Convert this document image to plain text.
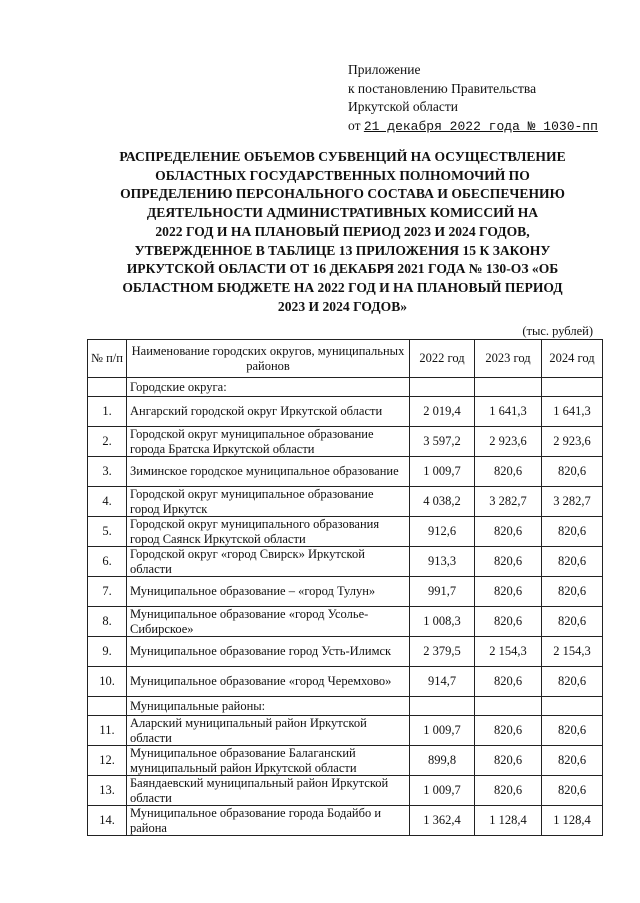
Приложение
к постановлению Правительства
Иркутской области
от 21 декабря 2022 года № 1030-пп
РАСПРЕДЕЛЕНИЕ ОБЪЕМОВ СУБВЕНЦИЙ НА ОСУЩЕСТВЛЕНИЕ
ОБЛАСТНЫХ ГОСУДАРСТВЕННЫХ ПОЛНОМОЧИЙ ПО
ОПРЕДЕЛЕНИЮ ПЕРСОНАЛЬНОГО СОСТАВА И ОБЕСПЕЧЕНИЮ
ДЕЯТЕЛЬНОСТИ АДМИНИСТРАТИВНЫХ КОМИССИЙ НА
2022 ГОД И НА ПЛАНОВЫЙ ПЕРИОД 2023 И 2024 ГОДОВ,
УТВЕРЖДЕННОЕ В ТАБЛИЦЕ 13 ПРИЛОЖЕНИЯ 15 К ЗАКОНУ
ИРКУТСКОЙ ОБЛАСТИ ОТ 16 ДЕКАБРЯ 2021 ГОДА № 130-ОЗ «ОБ
ОБЛАСТНОМ БЮДЖЕТЕ НА 2022 ГОД И НА ПЛАНОВЫЙ ПЕРИОД
2023 И 2024 ГОДОВ»
(тыс. рублей)
№ п/п	Наименование городских округов, муниципальных районов	2022 год	2023 год	2024 год
	Городские округа:			
1.	Ангарский городской округ Иркутской области	2 019,4	1 641,3	1 641,3
2.	Городской округ муниципальное образование города Братска Иркутской области	3 597,2	2 923,6	2 923,6
3.	Зиминское городское муниципальное образование	1 009,7	820,6	820,6
4.	Городской округ муниципальное образование город Иркутск	4 038,2	3 282,7	3 282,7
5.	Городской округ муниципального образования город Саянск Иркутской области	912,6	820,6	820,6
6.	Городской округ «город Свирск» Иркутской области	913,3	820,6	820,6
7.	Муниципальное образование – «город Тулун»	991,7	820,6	820,6
8.	Муниципальное образование «город Усолье-Сибирское»	1 008,3	820,6	820,6
9.	Муниципальное образование город Усть-Илимск	2 379,5	2 154,3	2 154,3
10.	Муниципальное образование «город Черемхово»	914,7	820,6	820,6
	Муниципальные районы:			
11.	Аларский муниципальный район Иркутской области	1 009,7	820,6	820,6
12.	Муниципальное образование Балаганский муниципальный район Иркутской области	899,8	820,6	820,6
13.	Баяндаевский муниципальный район Иркутской области	1 009,7	820,6	820,6
14.	Муниципальное образование города Бодайбо и района	1 362,4	1 128,4	1 128,4
